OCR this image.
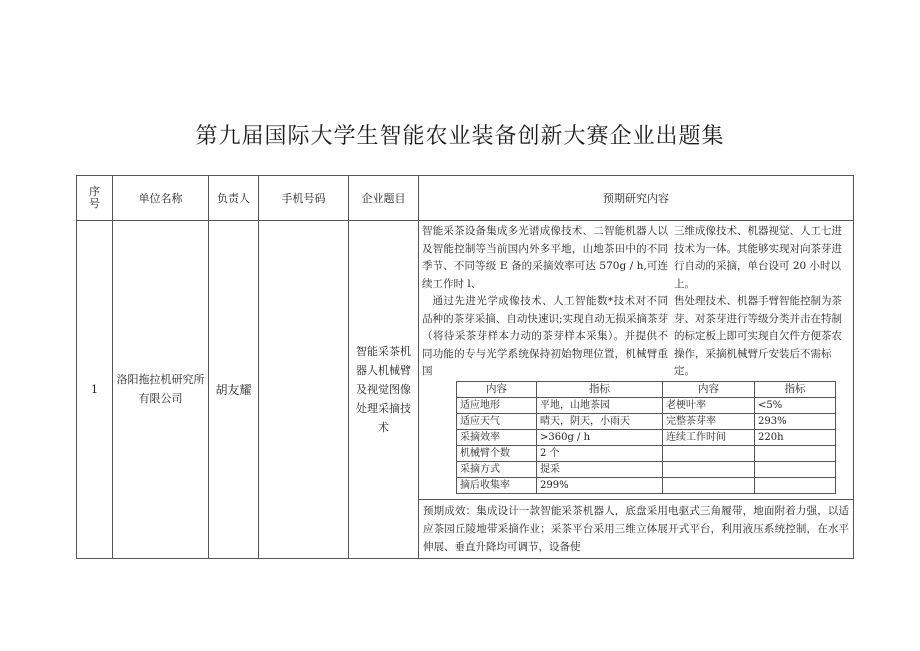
第九届国际大学生智能农业装备创新大赛企业出题集
序号	单位名称	负责人	手机号码	企业题目	预期研究内容
1	洛阳拖拉机研究所有限公司	胡友耀		智能采茶机器人机械臂及视觉图像处理采摘技术	

智能采茶设备集成多光谱成像技术、二智能机器人以及智能控制等当前国内外多平地，山地茶田中的不同季节、不同等级 E 备的采摘效率可达 570g / h,可连续工作时 l、

通过先进光学成像技术、人工智能数*技术对不同品种的茶芽采摘、自动快速识;实现自动无损采摘茶芽（将待采茶芽样本力动的茶芽样本采集）。并提供不同功能的专与光学系统保持初始物理位置，机械臂重国

三维成像技术、机器视觉、人工七进技术为一体。其能够实现对向茶芽进行自动的采摘，单台设可 20 小时以上。

售处理技术、机器手臂智能控制为茶芽、对茶芽进行等级分类并击在特制的标定板上即可实现自欠件方便茶农操作，采摘机械臂斤安装后不需标定。

内容	指标	内容	指标
适应地形	平地，山地茶园	老梗叶率	<5%
适应天气	晴天，阴天，小雨天	完整茶芽率	293%
采摘效率	>360g / h	连续工作时间	220h
机械臂个数	2 个		
采摘方式	提采		
摘后收集率	299%		

预期成效：集成设计一款智能采茶机器人，底盘采用电驱式三角履带，地面附着力强，以适应茶园丘陵地带采摘作业；采茶平台采用三维立体展开式平台，利用液压系统控制，在水平伸展、垂直升降均可调节，设备使
